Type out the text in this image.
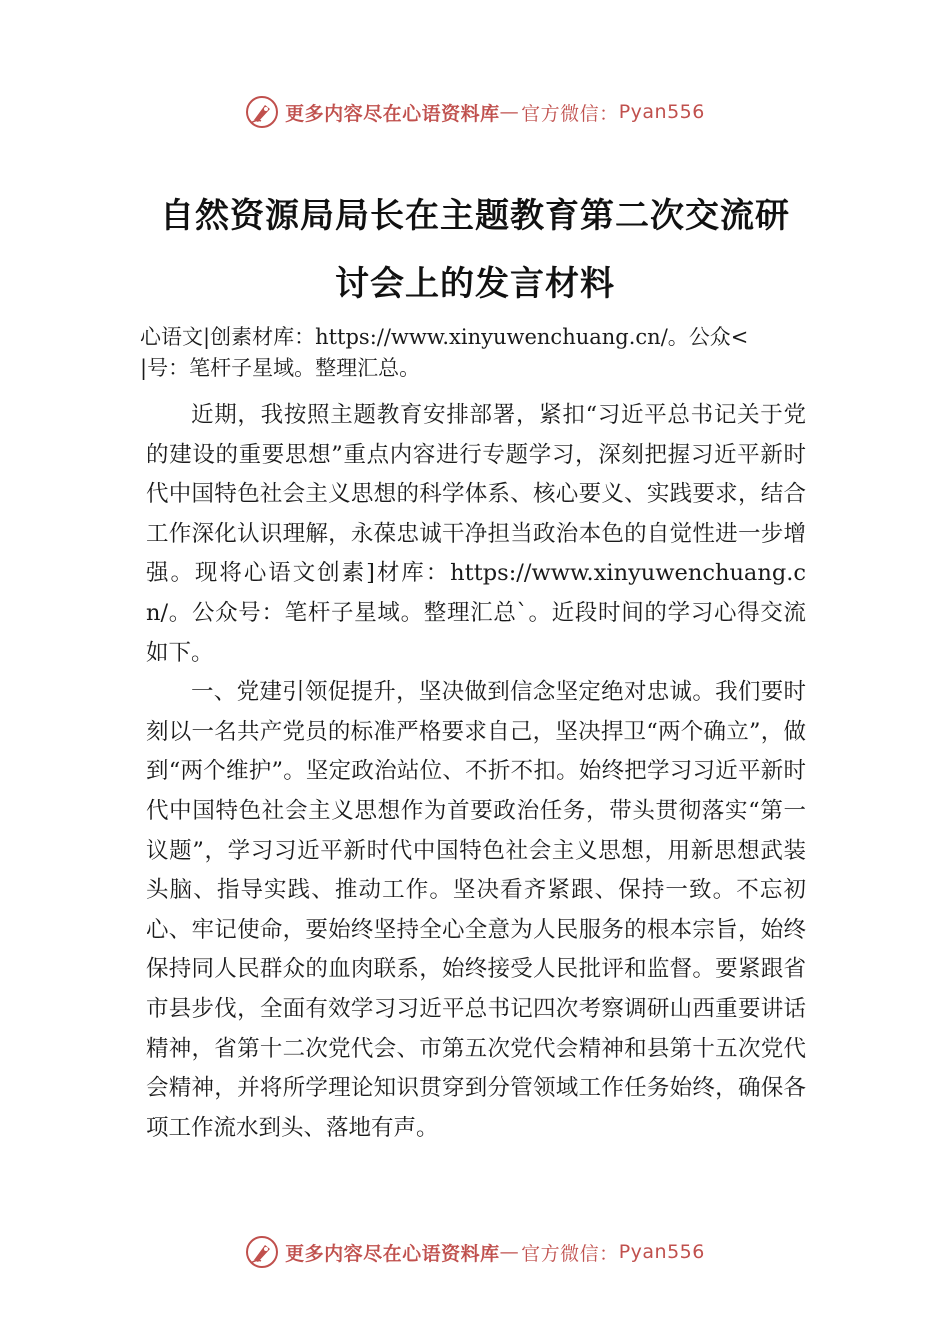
更多内容尽在心语资料库 — 官方微信： Pyan556
自然资源局局长在主题教育第二次交流研
讨会上的发言材料
心语文|创素材库：https://www.xinyuwenchuang.cn/。公众<
|号：笔杆子星域。整理汇总。

近期，我按照主题教育安排部署，紧扣“习近平总书记关于党的建设的重要思想”重点内容进行专题学习，深刻把握习近平新时代中国特色社会主义思想的科学体系、核心要义、实践要求，结合工作深化认识理解，永葆忠诚干净担当政治本色的自觉性进一步增强。现将心语文创素]材库：https://www.xinyuwenchuang.cn/。公众号：笔杆子星域。整理汇总`。近段时间的学习心得交流如下。

一、党建引领促提升，坚决做到信念坚定绝对忠诚。我们要时刻以一名共产党员的标准严格要求自己，坚决捍卫“两个确立”，做到“两个维护”。坚定政治站位、不折不扣。始终把学习习近平新时代中国特色社会主义思想作为首要政治任务，带头贯彻落实“第一议题”，学习习近平新时代中国特色社会主义思想，用新思想武装头脑、指导实践、推动工作。坚决看齐紧跟、保持一致。不忘初心、牢记使命，要始终坚持全心全意为人民服务的根本宗旨，始终保持同人民群众的血肉联系，始终接受人民批评和监督。要紧跟省市县步伐，全面有效学习习近平总书记四次考察调研山西重要讲话精神，省第十二次党代会、市第五次党代会精神和县第十五次党代会精神，并将所学理论知识贯穿到分管领域工作任务始终，确保各项工作流水到头、落地有声。

更多内容尽在心语资料库 — 官方微信： Pyan556
